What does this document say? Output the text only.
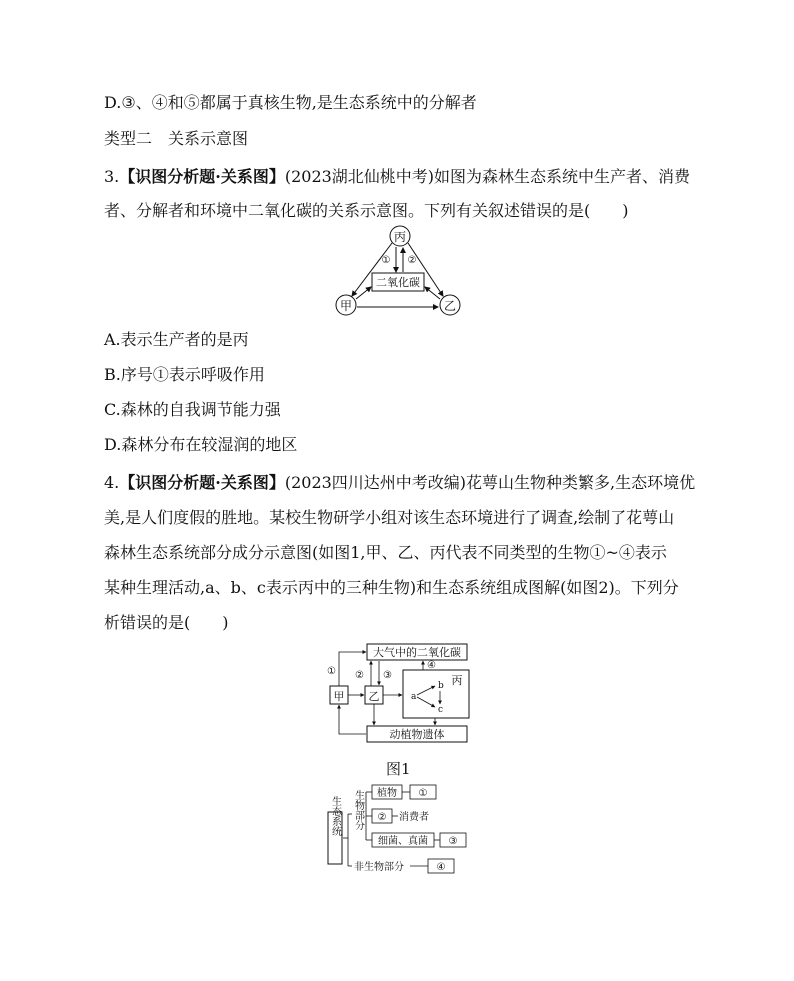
D.③、④和⑤都属于真核生物,是生态系统中的分解者
类型二　关系示意图
3.【识图分析题·关系图】(2023湖北仙桃中考)如图为森林生态系统中生产者、消费
者、分解者和环境中二氧化碳的关系示意图。下列有关叙述错误的是(　　)
丙
甲	乙
二氧化碳
① ②
A.表示生产者的是丙
B.序号①表示呼吸作用
C.森林的自我调节能力强
D.森林分布在较湿润的地区
4.【识图分析题·关系图】(2023四川达州中考改编)花萼山生物种类繁多,生态环境优
美,是人们度假的胜地。某校生物研学小组对该生态环境进行了调查,绘制了花萼山
森林生态系统部分成分示意图(如图1,甲、乙、丙代表不同类型的生物①~④表示
某种生理活动,a、b、c表示丙中的三种生物)和生态系统组成图解(如图2)。下列分
析错误的是(　　)
大气中的二氧化碳
动植物遗体
甲 乙
丙
a
b
c
① ② ③
④
图1
生态系统 生物部分 植物 ①
② 消费者
细菌、真菌 ③
非生物部分	④
